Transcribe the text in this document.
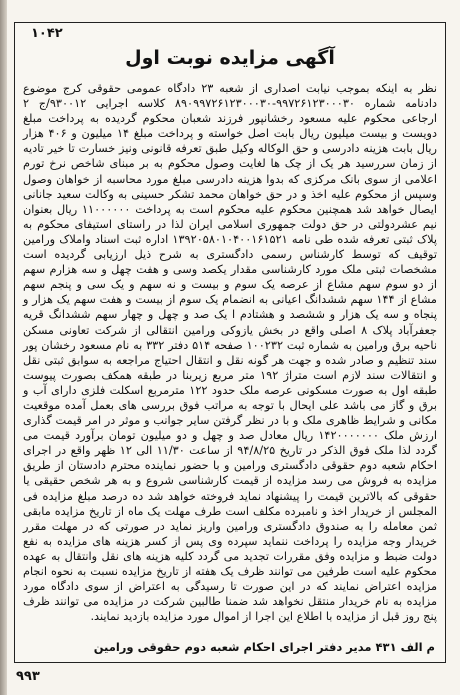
۱۰۴۲
آگهی مزایده نوبت اول

نظر به اینکه بموجب نیابت اصداری از شعبه ۲۳ دادگاه عمومی حقوقی کرج موضوع دادنامه شماره ۹۹۷۲۶۱۲۳۰۰۰۳۰-۸۹۰۹۹۷۲۶۱۲۳۰۰۰۳۰ کلاسه اجرایی ۹۳۰۰۱۲/ج ۲ ارجاعی محکوم علیه مسعود رخشانپور فرزند شعبان محکوم گردیده به پرداخت مبلغ دویست و بیست میلیون ریال بابت اصل خواسته و پرداخت مبلغ ۱۴ میلیون و ۴۰۶ هزار ریال بابت هزینه دادرسی و حق الوکاله وکیل طبق تعرفه قانونی ونیز خسارت تا خیر تادیه از زمان سررسید هر یک از چک ها لغایت وصول محکوم به بر مبنای شاخص نرخ تورم اعلامی از سوی بانک مرکزی که بدوا هزینه دادرسی مبلغ مورد محاسبه از خواهان وصول وسپس از محکوم علیه اخذ و در حق خواهان محمد تشکر حسینی به وکالت سعید جانانی ایصال خواهد شد همچنین محکوم علیه محکوم است به پرداخت ۱۱۰۰۰۰۰۰ ریال بعنوان نیم عشردولتی در حق دولت جمهوری اسلامی ایران لذا در راستای استیفای محکوم به پلاک ثبتی تعرفه شده طی نامه ۱۳۹۲۰۵۸۰۱۰۴۰۰۱۶۱۵۲۱ اداره ثبت اسناد واملاک ورامین توقیف که توسط کارشناس رسمی دادگستری به شرح ذیل ارزیابی گردیده است مشخصات ثبتی ملک مورد کارشناسی مقدار یکصد وسی و هفت چهل و سه هزارم سهم از دو سوم سهم مشاع از عرصه یک سوم و بیست و نه سهم و یک سی و پنجم سهم مشاع از ۱۴۴ سهم ششدانگ اعیانی به انضمام یک سوم از بیست و هفت سهم یک هزار و پنجاه و سه یک هزار و ششصد و هشتادم ا یک صد و چهل و چهار سهم ششدانگ قریه جعفرآباد پلاک ۸ اصلی واقع در بخش یازوکی ورامین انتقالی از شرکت تعاونی مسکن ناحیه برق ورامین به شماره ثبت ۱۰۰۲۳۲ صفحه ۵۱۴ دفتر ۳۳۲ به نام مسعود رخشان پور سند تنظیم و صادر شده و جهت هر گونه نقل و انتقال احتیاج مراجعه به سوابق ثبتی نقل و انتقالات سند لازم است متراژ ۱۹۲ متر مربع زیربنا در طبقه همکف بصورت پیوست طبقه اول به صورت مسکونی عرصه ملک حدود ۱۲۲ مترمربع اسکلت فلزی دارای آب و برق و گاز می باشد علی ایحال با توجه به مراتب فوق بررسی های بعمل آمده موقعیت مکانی و شرایط ظاهری ملک و با در نظر گرفتن سایر جوانب و موثر در امر قیمت گذاری ارزش ملک ۱۴۲۰۰۰۰۰۰۰ ریال معادل صد و چهل و دو میلیون تومان برآورد قیمت می گردد لذا ملک فوق الذکر در تاریخ ۹۴/۸/۲۵ از ساعت ۱۱/۳۰ الی ۱۲ ظهر واقع در اجرای احکام شعبه دوم حقوقی دادگستری ورامین و با حضور نماینده محترم دادستان از طریق مزایده به فروش می رسد مزایده از قیمت کارشناسی شروع و به هر شخص حقیقی یا حقوقی که بالاترین قیمت را پیشنهاد نماید فروخته خواهد شد ده درصد مبلغ مزایده فی المجلس از خریدار اخذ و نامبرده مکلف است طرف مهلت یک ماه از تاریخ مزایده مابقی ثمن معامله را به صندوق دادگستری ورامین واریز نماید در صورتی که در مهلت مقرر خریدار وجه مزایده را پرداخت ننماید سپرده وی پس از کسر هزینه های مزایده به نفع دولت ضبط و مزایده وفق مقررات تجدید می گردد کلیه هزینه های نقل وانتقال به عهده محکوم علیه است طرفین می توانند ظرف یک هفته از تاریخ مزایده نسبت به نحوه انجام مزایده اعتراض نمایند که در این صورت تا رسیدگی به اعتراض از سوی دادگاه مورد مزایده به نام خریدار منتقل نخواهد شد ضمنا طالبین شرکت در مزایده می توانند ظرف پنج روز قبل از مزایده با اطلاع این اجرا از اموال مورد مزایده بازدید نمایند.

م الف ۴۳۱ مدیر دفتر اجرای احکام شعبه دوم حقوقی ورامین

۹۹۳
